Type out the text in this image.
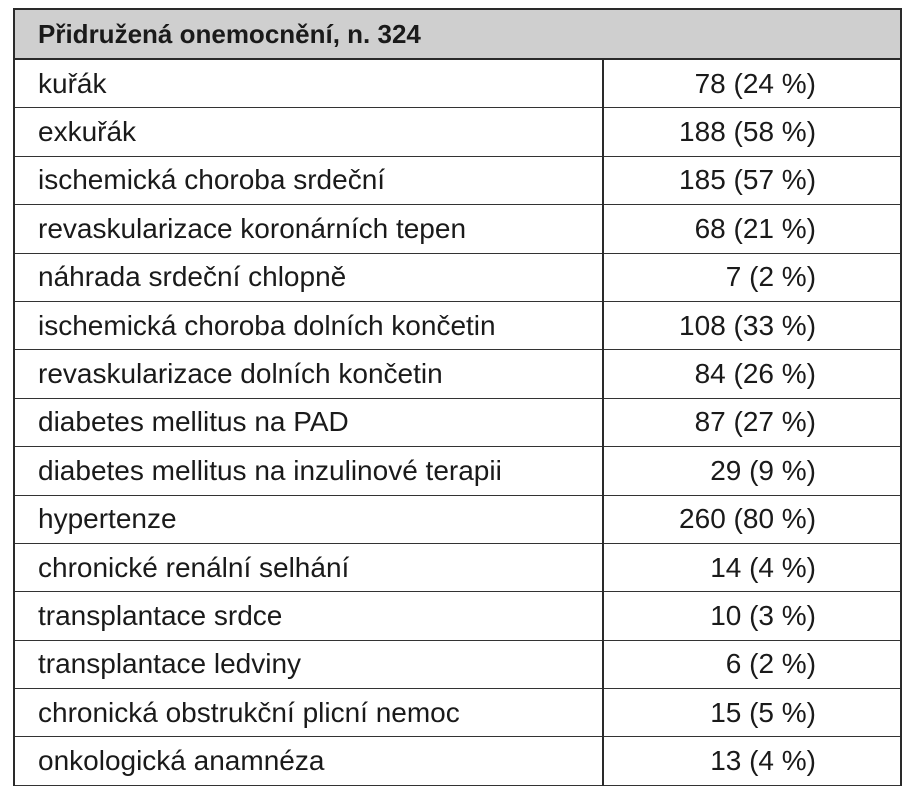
Přidružená onemocnění, n. 324	
kuřák	78 (24 %)
exkuřák	188 (58 %)
ischemická choroba srdeční	185 (57 %)
revaskularizace koronárních tepen	68 (21 %)
náhrada srdeční chlopně	7 (2 %)
ischemická choroba dolních končetin	108 (33 %)
revaskularizace dolních končetin	84 (26 %)
diabetes mellitus na PAD	87 (27 %)
diabetes mellitus na inzulinové terapii	29 (9 %)
hypertenze	260 (80 %)
chronické renální selhání	14 (4 %)
transplantace srdce	10 (3 %)
transplantace ledviny	6 (2 %)
chronická obstrukční plicní nemoc	15 (5 %)
onkologická anamnéza	13 (4 %)
